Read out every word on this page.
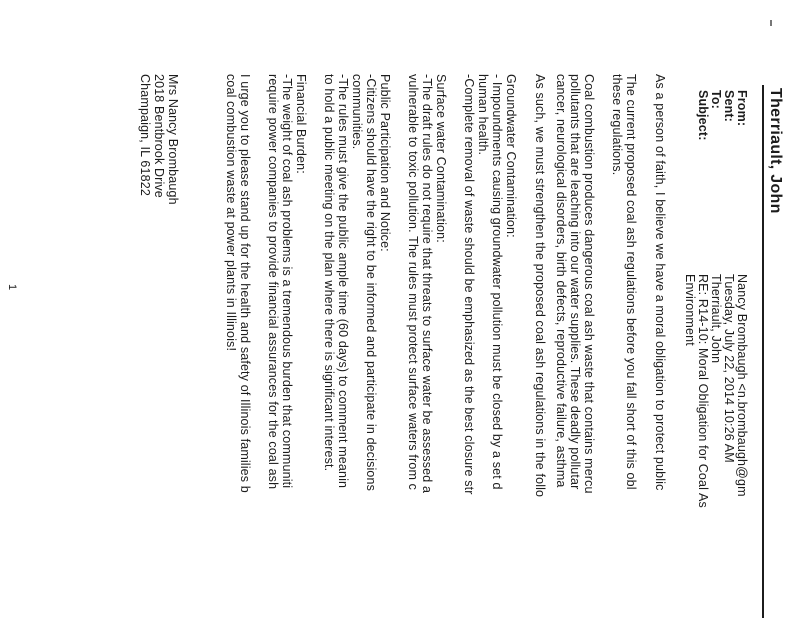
Therriault, John
From:
Nancy Brombaugh <n.brombaugh@gm
Sent:
Tuesday, July 22, 2014 10:26 AM
To:
Therriault, John
Subject:
RE: R14-10: Moral Obligation for Coal As
Environment
As a person of faith, I believe we have a moral obligation to protect public
The current proposed coal ash regulations before you fall short of this obl
these regulations.
Coal combustion produces dangerous coal ash waste that contains mercu
pollutants that are leaching into our water supplies. These deadly pollutar
cancer, neurological disorders, birth defects, reproductive failure, asthma
As such, we must strengthen the proposed coal ash regulations in the follo
Groundwater Contamination:
- Impoundments causing groundwater pollution must be closed by a set d
human health.
-Complete removal of waste should be emphasized as the best closure str
Surface water Contamination:
-The draft rules do not require that threats to surface water be assessed a
vulnerable to toxic pollution. The rules must protect surface waters from c
Public Participation and Notice:
-Citizens should have the right to be informed and participate in decisions
communities.
-The rules must give the public ample time (60 days) to comment meanin
to hold a public meeting on the plan where there is significant interest.
Financial Burden:
-The weight of coal ash problems is a tremendous burden that communiti
require power companies to provide financial assurances for the coal ash
I urge you to please stand up for the health and safety of Illinois families b
coal combustion waste at power plants in Illinois!
Mrs Nancy Brombaugh
2018 Bentbrook Drive
Champaign, IL 61822
1
